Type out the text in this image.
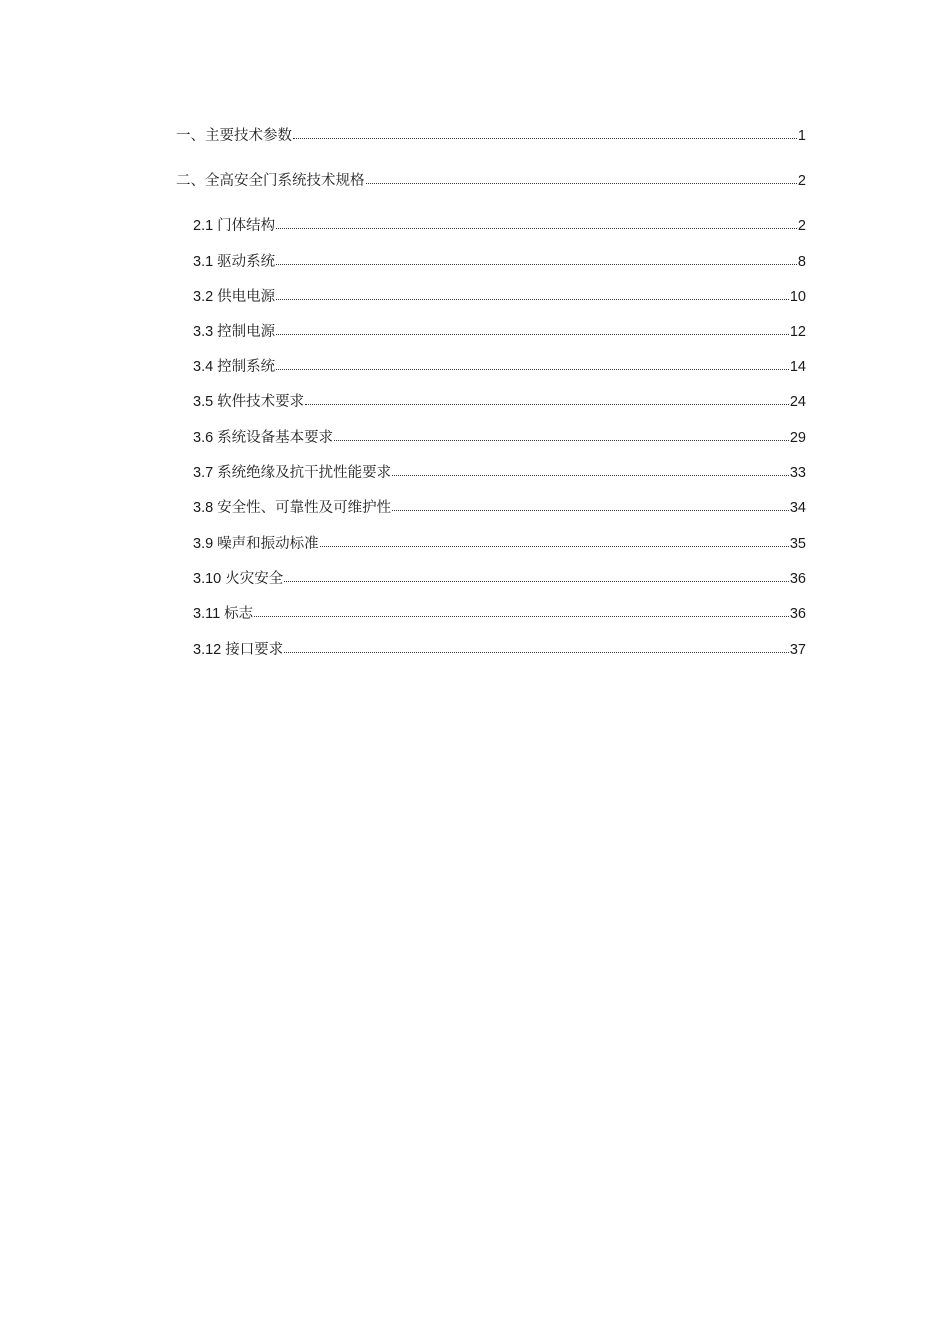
一、主要技术参数	1
二、全高安全门系统技术规格	2
2.1 门体结构	2
3.1 驱动系统	8
3.2 供电电源	10
3.3 控制电源	12
3.4 控制系统	14
3.5 软件技术要求	24
3.6 系统设备基本要求	29
3.7 系统绝缘及抗干扰性能要求	33
3.8 安全性、可靠性及可维护性	34
3.9 噪声和振动标准	35
3.10 火灾安全	36
3.11 标志	36
3.12 接口要求	37
